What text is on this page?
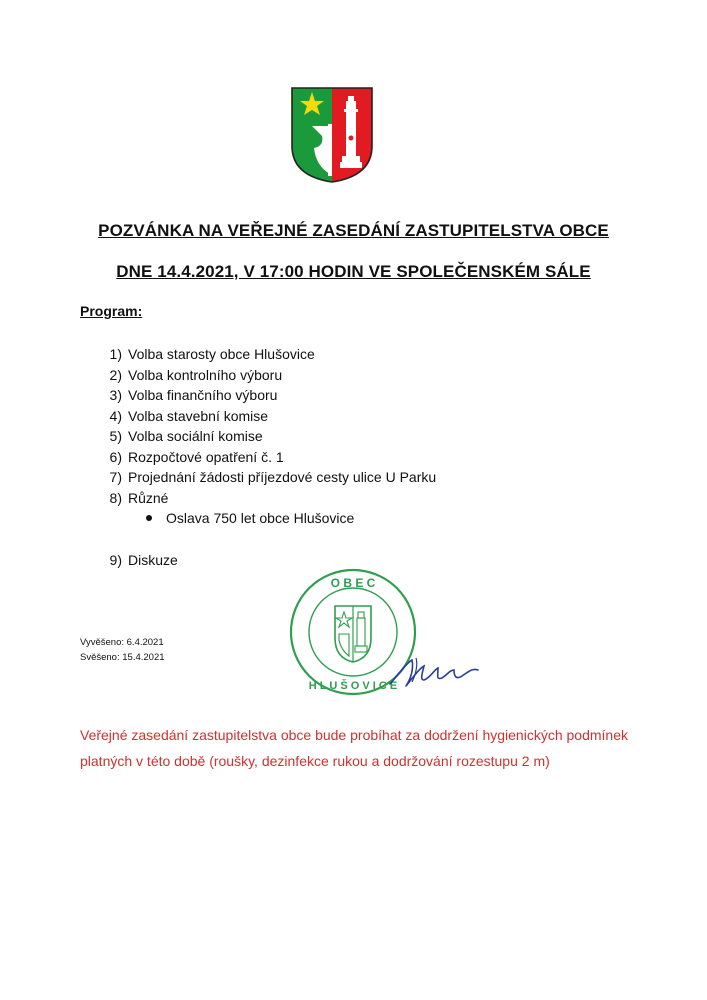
POZVÁNKA NA VEŘEJNÉ ZASEDÁNÍ ZASTUPITELSTVA OBCE
DNE 14.4.2021, V 17:00 HODIN VE SPOLEČENSKÉM SÁLE
Program:
1) Volba starosty obce Hlušovice
2) Volba kontrolního výboru
3) Volba finančního výboru
4) Volba stavební komise
5) Volba sociální komise
6) Rozpočtové opatření č. 1
7) Projednání žádosti příjezdové cesty ulice U Parku
8) Různé
Oslava 750 let obce Hlušovice
9) Diskuze
Vyvěšeno: 6.4.2021
Svěšeno: 15.4.2021
O B E C
H L U Š O V I C E
Veřejné zasedání zastupitelstva obce bude probíhat za dodržení hygienických podmínek platných v této době (roušky, dezinfekce rukou a dodržování rozestupu 2 m)
